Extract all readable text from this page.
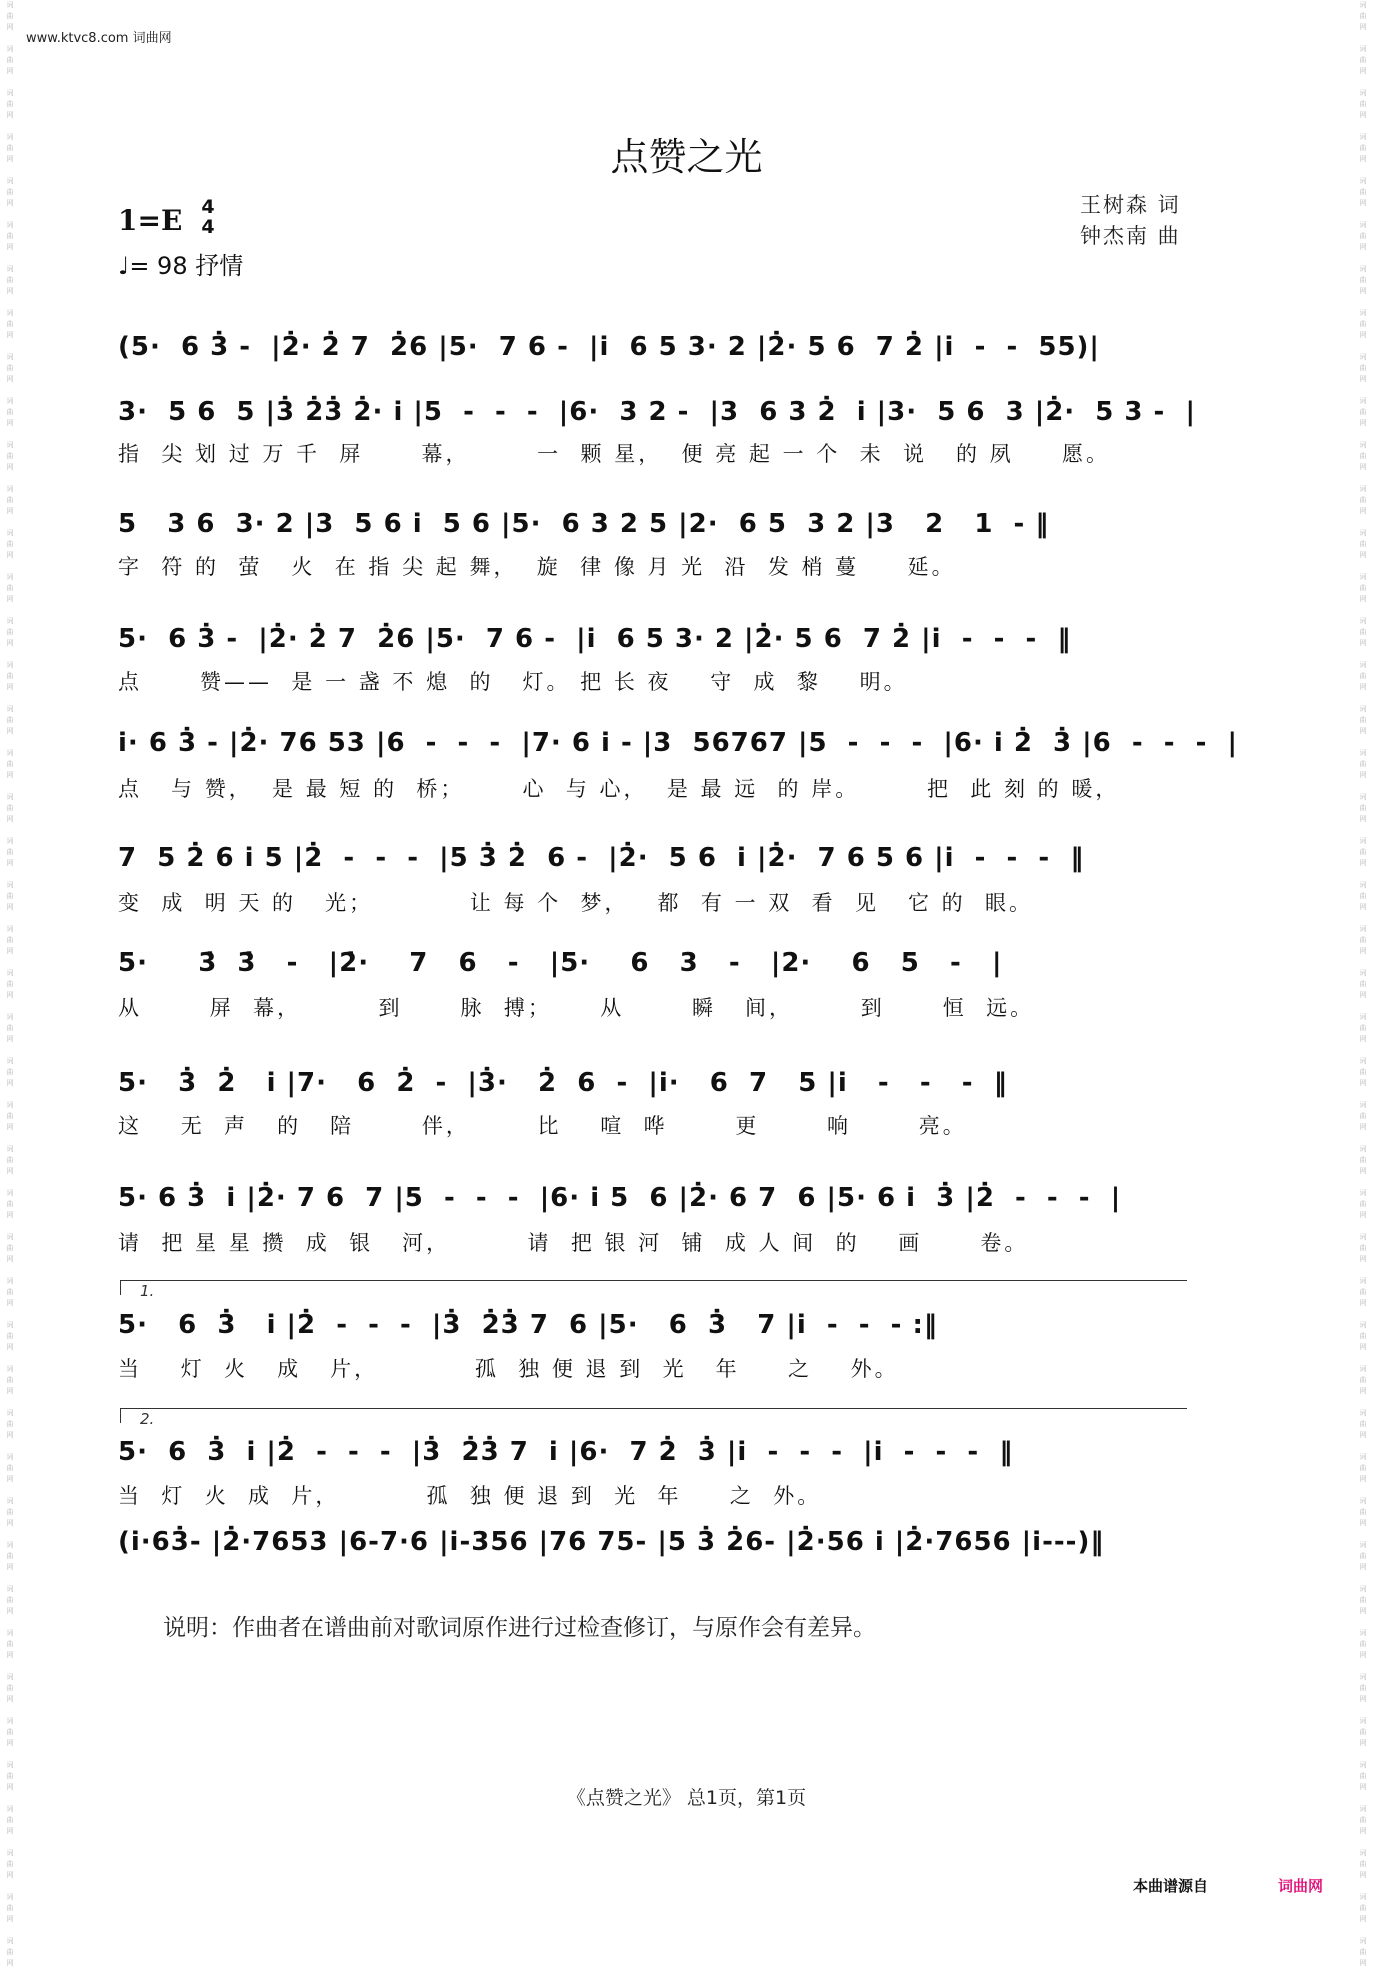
词
曲
网

词
曲
网

词
曲
网

词
曲
网

词
曲
网

词
曲
网

词
曲
网

词
曲
网

词
曲
网

词
曲
网

词
曲
网

词
曲
网

词
曲
网

词
曲
网

词
曲
网

词
曲
网

词
曲
网

词
曲
网

词
曲
网

词
曲
网

词
曲
网

词
曲
网

词
曲
网

词
曲
网

词
曲
网

词
曲
网

词
曲
网

词
曲
网

词
曲
网

词
曲
网

词
曲
网

词
曲
网

词
曲
网

词
曲
网

词
曲
网

词
曲
网

词
曲
网

词
曲
网

词
曲
网

词
曲
网

词
曲
网

词
曲
网

词
曲
网

词
曲
网

词
曲
网

词
曲
网

词
曲
网

词
曲
网

词
曲
网

词
曲
网

词
曲
网

词
曲
网

词
曲
网

词
曲
网

词
曲
网

词
曲
网

词
曲
网

词
曲
网

词
曲
网

词
曲
网

词
曲
网

词
曲
网

词
曲
网

词
曲
网

词
曲
网

词
曲
网

词
曲
网

词
曲
网

词
曲
网

词
曲
网

词
曲
网

词
曲
网

词
曲
网

词
曲
网

词
曲
网

词
曲
网

词
曲
网

词
曲
网

词
曲
网

词
曲
网

词
曲
网

词
曲
网

词
曲
网

词
曲
网

词
曲
网

词
曲
网

词
曲
网

词
曲
网

词
曲
网

词
曲
网

www.ktvc8.com 词曲网
点赞之光
1=E 4
4
♩= 98 抒情
王树森 词
钟杰南 曲
(5·  6 3̇ -  |2̇· 2̇ 7  2̇6 |5·  7 6 -  |i  6 5 3· 2 |2̇· 5 6  7 2̇ |i  -  -  55)|
3·  5 6  5 |3̇ 2̇3̇ 2̇· i |5  -  -  -  |6·  3 2 -  |3  6 3 2̇  i |3·  5 6  3 |2̇·  5 3 -  |
指  尖 划 过 万 千  屏      幕，       一  颗 星，  便 亮 起 一 个  未  说   的 夙     愿。
5   3 6  3· 2 |3  5 6 i  5 6 |5·  6 3 2 5 |2·  6 5  3 2 |3   2   1  - ‖
字  符 的  萤   火  在 指 尖 起 舞，  旋  律 像 月 光  沿  发 梢 蔓     延。
5·  6 3̇ -  |2̇· 2̇ 7  2̇6 |5·  7 6 -  |i  6 5 3· 2 |2̇· 5 6  7 2̇ |i  -  -  -  ‖
点      赞——  是 一 盏 不 熄  的   灯。 把 长 夜    守  成  黎    明。
i· 6 3̇ - |2̇· 76 53 |6  -  -  -  |7· 6 i - |3  56767 |5  -  -  -  |6· i 2̇  3̇ |6  -  -  -  |
点   与 赞，  是 最 短 的  桥；      心  与 心，  是 最 远  的 岸。       把  此 刻 的 暖，
7  5 2̇ 6 i 5 |2̇  -  -  -  |5 3̇ 2̇  6 -  |2̇·  5 6  i |2̇·  7 6 5 6 |i  -  -  -  ‖
变  成  明 天 的   光；          让 每 个  梦，   都  有 一 双  看  见   它 的  眼。
5·     3̇  3̇   -   |2̇·    7   6   -   |5·    6   3   -   |2·    6   5   -   |
从       屏  幕，        到      脉  搏；     从       瞬   间，       到      恒  远。
5·   3̇  2̇   i |7·   6  2̇  -  |3̇·   2̇  6  -  |i·   6  7   5 |i   -   -   -  ‖
这    无  声   的   陪       伴，       比    喧  哗       更       响       亮。
5· 6 3̇  i |2̇· 7 6  7 |5  -  -  -  |6· i 5  6 |2̇· 6 7  6 |5· 6 i  3̇ |2̇  -  -  -  |
请  把 星 星 攒  成  银   河，        请  把 银 河  铺  成 人 间  的    画      卷。
1.
5·   6  3̇   i |2̇  -  -  -  |3̇  2̇3̇ 7  6 |5·   6  3̇   7 |i  -  -  - :‖
当    灯  火   成   片，          孤  独 便 退 到  光   年     之    外。
2.
5·  6  3̇  i |2̇  -  -  -  |3̇  2̇3̇ 7  i |6·  7 2̇  3̇ |i  -  -  -  |i  -  -  -  ‖
当  灯  火  成  片，         孤  独 便 退 到  光  年     之  外。
(i·63̇- |2̇·7653 |6-7·6 |i-356 |76 75- |5 3̇ 2̇6- |2̇·56 i |2̇·7656 |i---)‖
说明：作曲者在谱曲前对歌词原作进行过检查修订，与原作会有差异。
《点赞之光》 总1页，第1页
本曲谱源自	词曲网
